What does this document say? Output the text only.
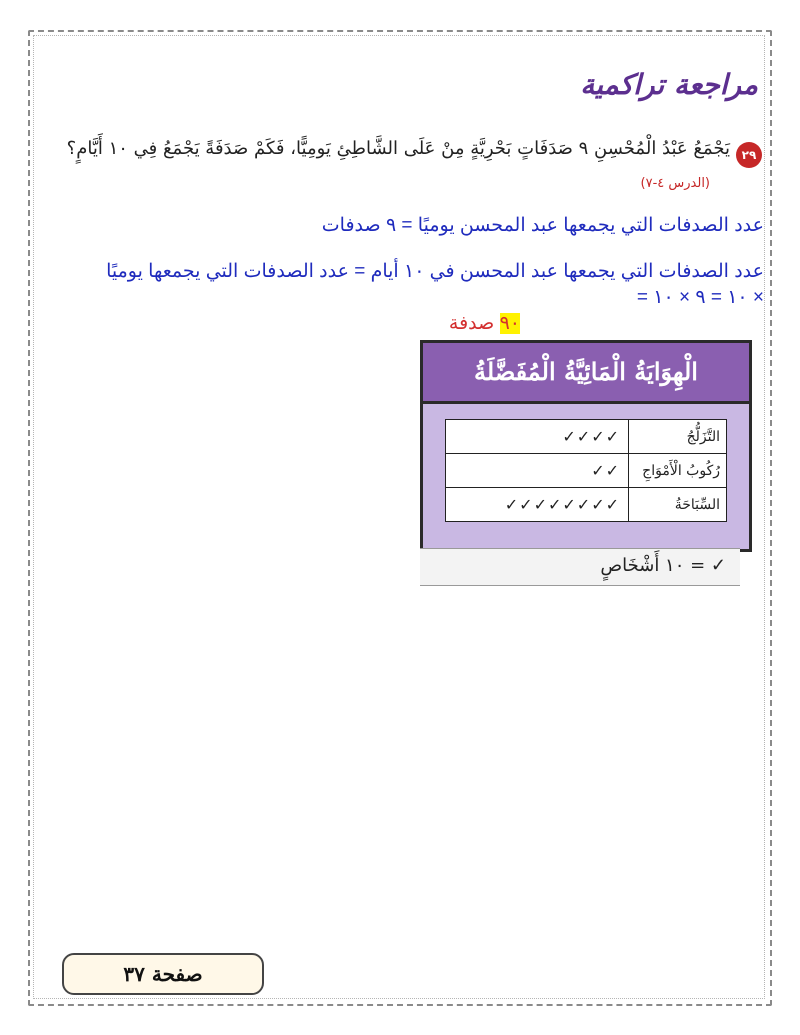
مراجعة تراكمية
٢٩
يَجْمَعُ عَبْدُ الْمُحْسِنِ ٩ صَدَفَاتٍ بَحْرِيَّةٍ مِنْ عَلَى الشَّاطِئِ يَومِيًّا، فَكَمْ صَدَفَةً يَجْمَعُ فِي ١٠ أَيَّامٍ؟
(الدرس ٤-٧)
عدد الصدفات التي يجمعها عبد المحسن يوميًا = ٩ صدفات
عدد الصدفات التي يجمعها عبد المحسن في ١٠ أيام = عدد الصدفات التي يجمعها يوميًا
× ١٠ = ٩ × ١٠ =
٩٠ صدفة
الْهِوَايَةُ الْمَائِيَّةُ الْمُفَضَّلَةُ
التَّزَلُّجُ	✓✓✓✓
رُكُوبُ الْأَمْوَاجِ	✓✓
السِّبَاحَةُ	✓✓✓✓✓✓✓✓
✓ = ١٠ أَشْخَاصٍ
صفحة ٣٧
